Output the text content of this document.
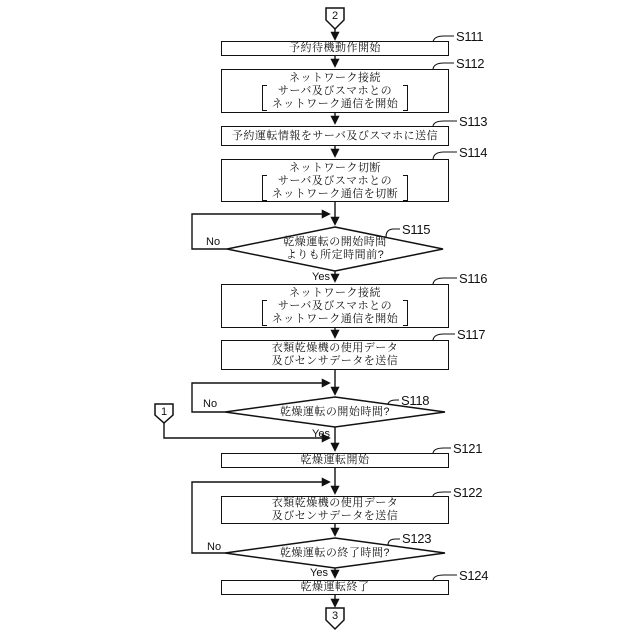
2
1
3
予約待機動作開始
ネットワーク接続
サーバ及びスマホとの
ネットワーク通信を開始
予約運転情報をサーバ及びスマホに送信
ネットワーク切断
サーバ及びスマホとの
ネットワーク通信を切断
ネットワーク接続
サーバ及びスマホとの
ネットワーク通信を開始
衣類乾燥機の使用データ
及びセンサデータを送信
乾燥運転開始
衣類乾燥機の使用データ
及びセンサデータを送信
乾燥運転終了
乾燥運転の開始時間
よりも所定時間前?
乾燥運転の開始時間?
乾燥運転の終了時間?
No
Yes
No
Yes
No
Yes
S111
S112
S113
S114
S115
S116
S117
S118
S121
S122
S123
S124
